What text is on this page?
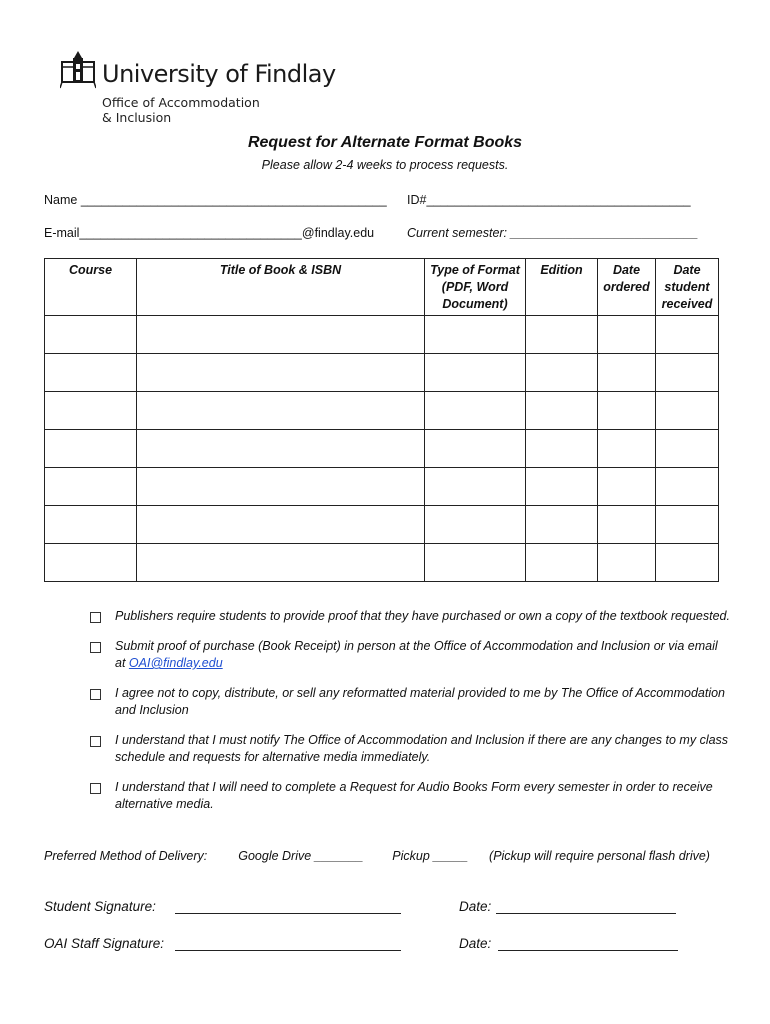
University of Findlay
Office of Accommodation
& Inclusion
Request for Alternate Format Books
Please allow 2-4 weeks to process requests.
Name ____________________________________________ ID#______________________________________
E-mail________________________________@findlay.edu	Current semester: ___________________________
Course	Title of Book & ISBN	Type of Format (PDF, Word Document)	Edition	Date ordered	Date student received

Publishers require students to provide proof that they have purchased or own a copy of the textbook requested.
Submit proof of purchase (Book Receipt) in person at the Office of Accommodation and Inclusion or via email at OAI@findlay.edu
I agree not to copy, distribute, or sell any reformatted material provided to me by The Office of Accommodation and Inclusion
I understand that I must notify The Office of Accommodation and Inclusion if there are any changes to my class schedule and requests for alternative media immediately.
I understand that I will need to complete a Request for Audio Books Form every semester in order to receive alternative media.
Preferred Method of Delivery: Google Drive _______ Pickup _____ (Pickup will require personal flash drive)
Student Signature:	Date:
OAI Staff Signature:	Date:
